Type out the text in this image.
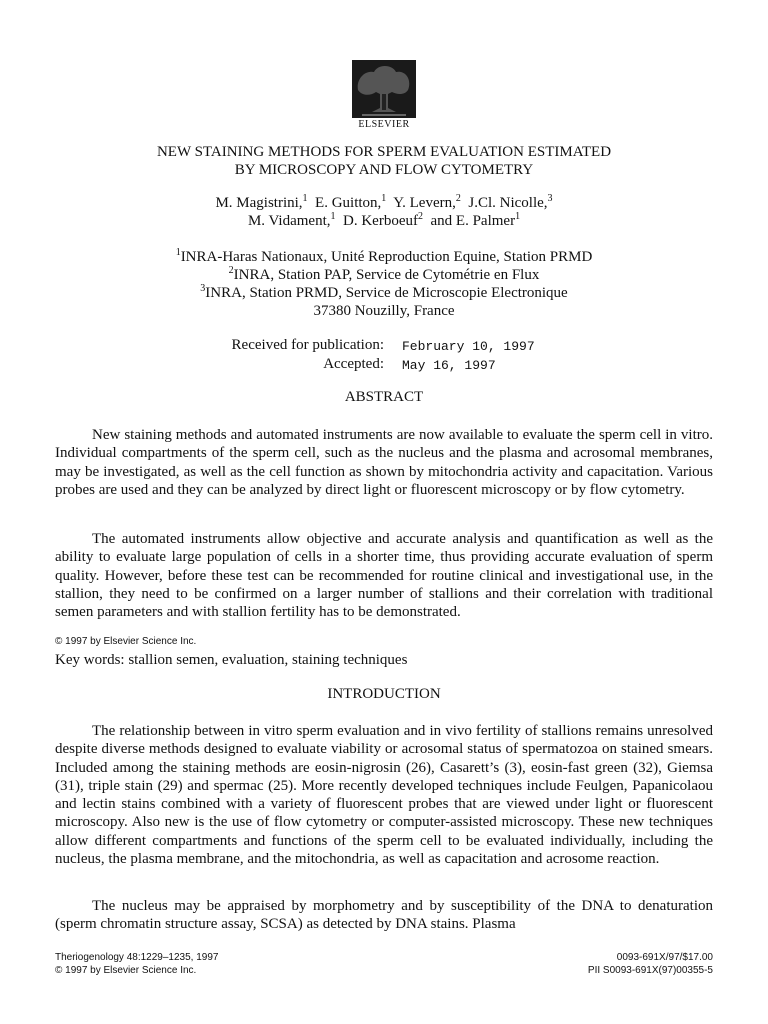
ELSEVIER
NEW STAINING METHODS FOR SPERM EVALUATION ESTIMATED
BY MICROSCOPY AND FLOW CYTOMETRY
M. Magistrini,$^1$ E. Guitton,$^1$ Y. Levern,$^2$ J.Cl. Nicolle,$^3$
M. Vidament,$^1$ D. Kerboeuf$^2$ and E. Palmer$^1$
$^1$INRA-Haras Nationaux, Unité Reproduction Equine, Station PRMD
$^2$INRA, Station PAP, Service de Cytométrie en Flux
$^3$INRA, Station PRMD, Service de Microscopie Electronique
37380 Nouzilly, France
Received for publication: February 10, 1997
Accepted: May 16, 1997
ABSTRACT

New staining methods and automated instruments are now available to evaluate the sperm cell in vitro. Individual compartments of the sperm cell, such as the nucleus and the plasma and acrosomal membranes, may be investigated, as well as the cell function as shown by mitochondria activity and capacitation. Various probes are used and they can be analyzed by direct light or fluorescent microscopy or by flow cytometry.

The automated instruments allow objective and accurate analysis and quantification as well as the ability to evaluate large population of cells in a shorter time, thus providing accurate evaluation of sperm quality. However, before these test can be recommended for routine clinical and investigational use, in the stallion, they need to be confirmed on a larger number of stallions and their correlation with traditional semen parameters and with stallion fertility has to be demonstrated.

© 1997 by Elsevier Science Inc.
Key words: stallion semen, evaluation, staining techniques
INTRODUCTION

The relationship between in vitro sperm evaluation and in vivo fertility of stallions remains unresolved despite diverse methods designed to evaluate viability or acrosomal status of spermatozoa on stained smears. Included among the staining methods are eosin-nigrosin (26), Casarett’s (3), eosin-fast green (32), Giemsa (31), triple stain (29) and spermac (25). More recently developed techniques include Feulgen, Papanicolaou and lectin stains combined with a variety of fluorescent probes that are viewed under light or fluorescent microscopy. Also new is the use of flow cytometry or computer-assisted microscopy. These new techniques allow different compartments and functions of the sperm cell to be evaluated individually, including the nucleus, the plasma membrane, and the mitochondria, as well as capacitation and acrosome reaction.

The nucleus may be appraised by morphometry and by susceptibility of the DNA to denaturation (sperm chromatin structure assay, SCSA) as detected by DNA stains. Plasma

Theriogenology 48:1229–1235, 1997
© 1997 by Elsevier Science Inc.
0093-691X/97/$17.00
PII S0093-691X(97)00355-5
